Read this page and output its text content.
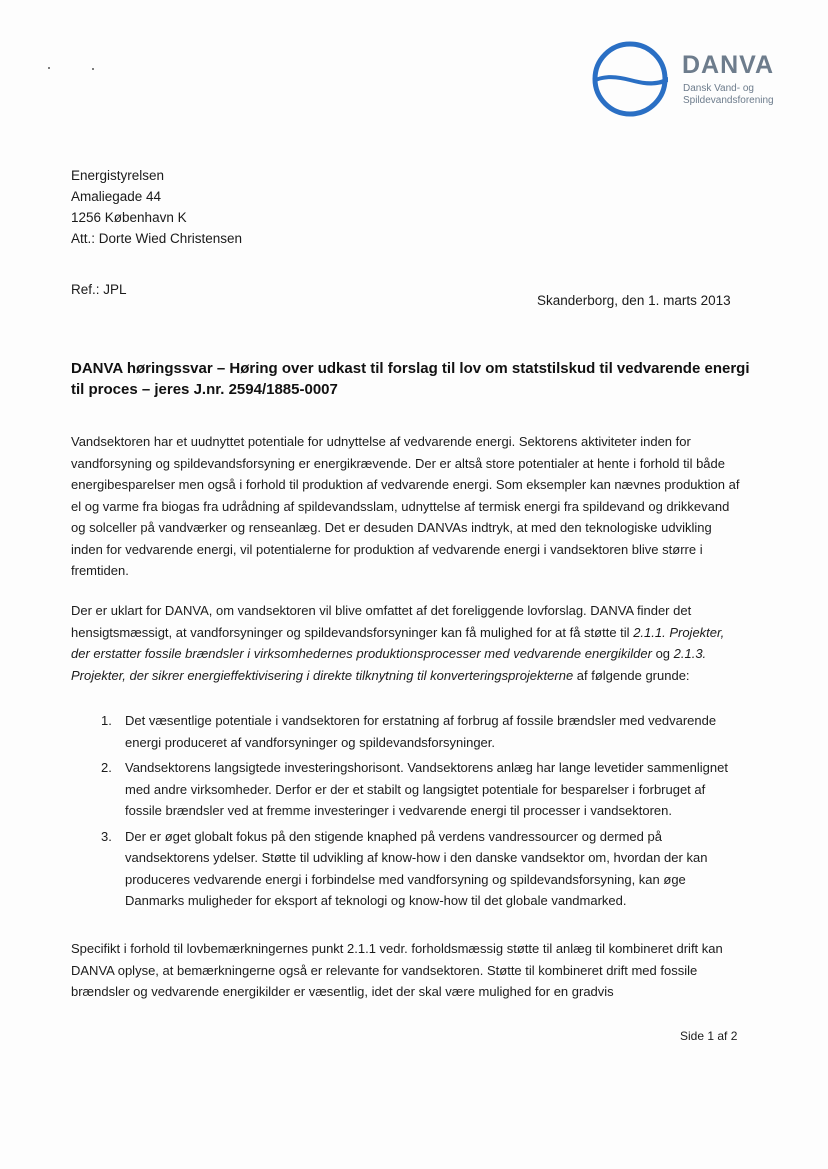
DANVA
Dansk Vand- og
Spildevandsforening
Energistyrelsen
Amaliegade 44
1256 København K
Att.: Dorte Wied Christensen
Ref.: JPL
Skanderborg, den 1. marts 2013
DANVA høringssvar – Høring over udkast til forslag til lov om statstilskud til vedvarende energi til proces – jeres J.nr. 2594/1885-0007

Vandsektoren har et uudnyttet potentiale for udnyttelse af vedvarende energi. Sektorens aktiviteter inden for vandforsyning og spildevandsforsyning er energikrævende. Der er altså store potentialer at hente i forhold til både energibesparelser men også i forhold til produktion af vedvarende energi. Som eksempler kan nævnes produktion af el og varme fra biogas fra udrådning af spildevandsslam, udnyttelse af termisk energi fra spildevand og drikkevand og solceller på vandværker og renseanlæg. Det er desuden DANVAs indtryk, at med den teknologiske udvikling inden for vedvarende energi, vil potentialerne for produktion af vedvarende energi i vandsektoren blive større i fremtiden.

Der er uklart for DANVA, om vandsektoren vil blive omfattet af det foreliggende lovforslag. DANVA finder det hensigtsmæssigt, at vandforsyninger og spildevandsforsyninger kan få mulighed for at få støtte til 2.1.1. Projekter, der erstatter fossile brændsler i virksomhedernes produktionsprocesser med vedvarende energikilder og 2.1.3. Projekter, der sikrer energieffektivisering i direkte tilknytning til konverteringsprojekterne af følgende grunde:

1. Det væsentlige potentiale i vandsektoren for erstatning af forbrug af fossile brændsler med vedvarende energi produceret af vandforsyninger og spildevandsforsyninger.
2. Vandsektorens langsigtede investeringshorisont. Vandsektorens anlæg har lange levetider sammenlignet med andre virksomheder. Derfor er der et stabilt og langsigtet potentiale for besparelser i forbruget af fossile brændsler ved at fremme investeringer i vedvarende energi til processer i vandsektoren.
3. Der er øget globalt fokus på den stigende knaphed på verdens vandressourcer og dermed på vandsektorens ydelser. Støtte til udvikling af know-how i den danske vandsektor om, hvordan der kan produceres vedvarende energi i forbindelse med vandforsyning og spildevandsforsyning, kan øge Danmarks muligheder for eksport af teknologi og know-how til det globale vandmarked.

Specifikt i forhold til lovbemærkningernes punkt 2.1.1 vedr. forholdsmæssig støtte til anlæg til kombineret drift kan DANVA oplyse, at bemærkningerne også er relevante for vandsektoren. Støtte til kombineret drift med fossile brændsler og vedvarende energikilder er væsentlig, idet der skal være mulighed for en gradvis

Side 1 af 2
